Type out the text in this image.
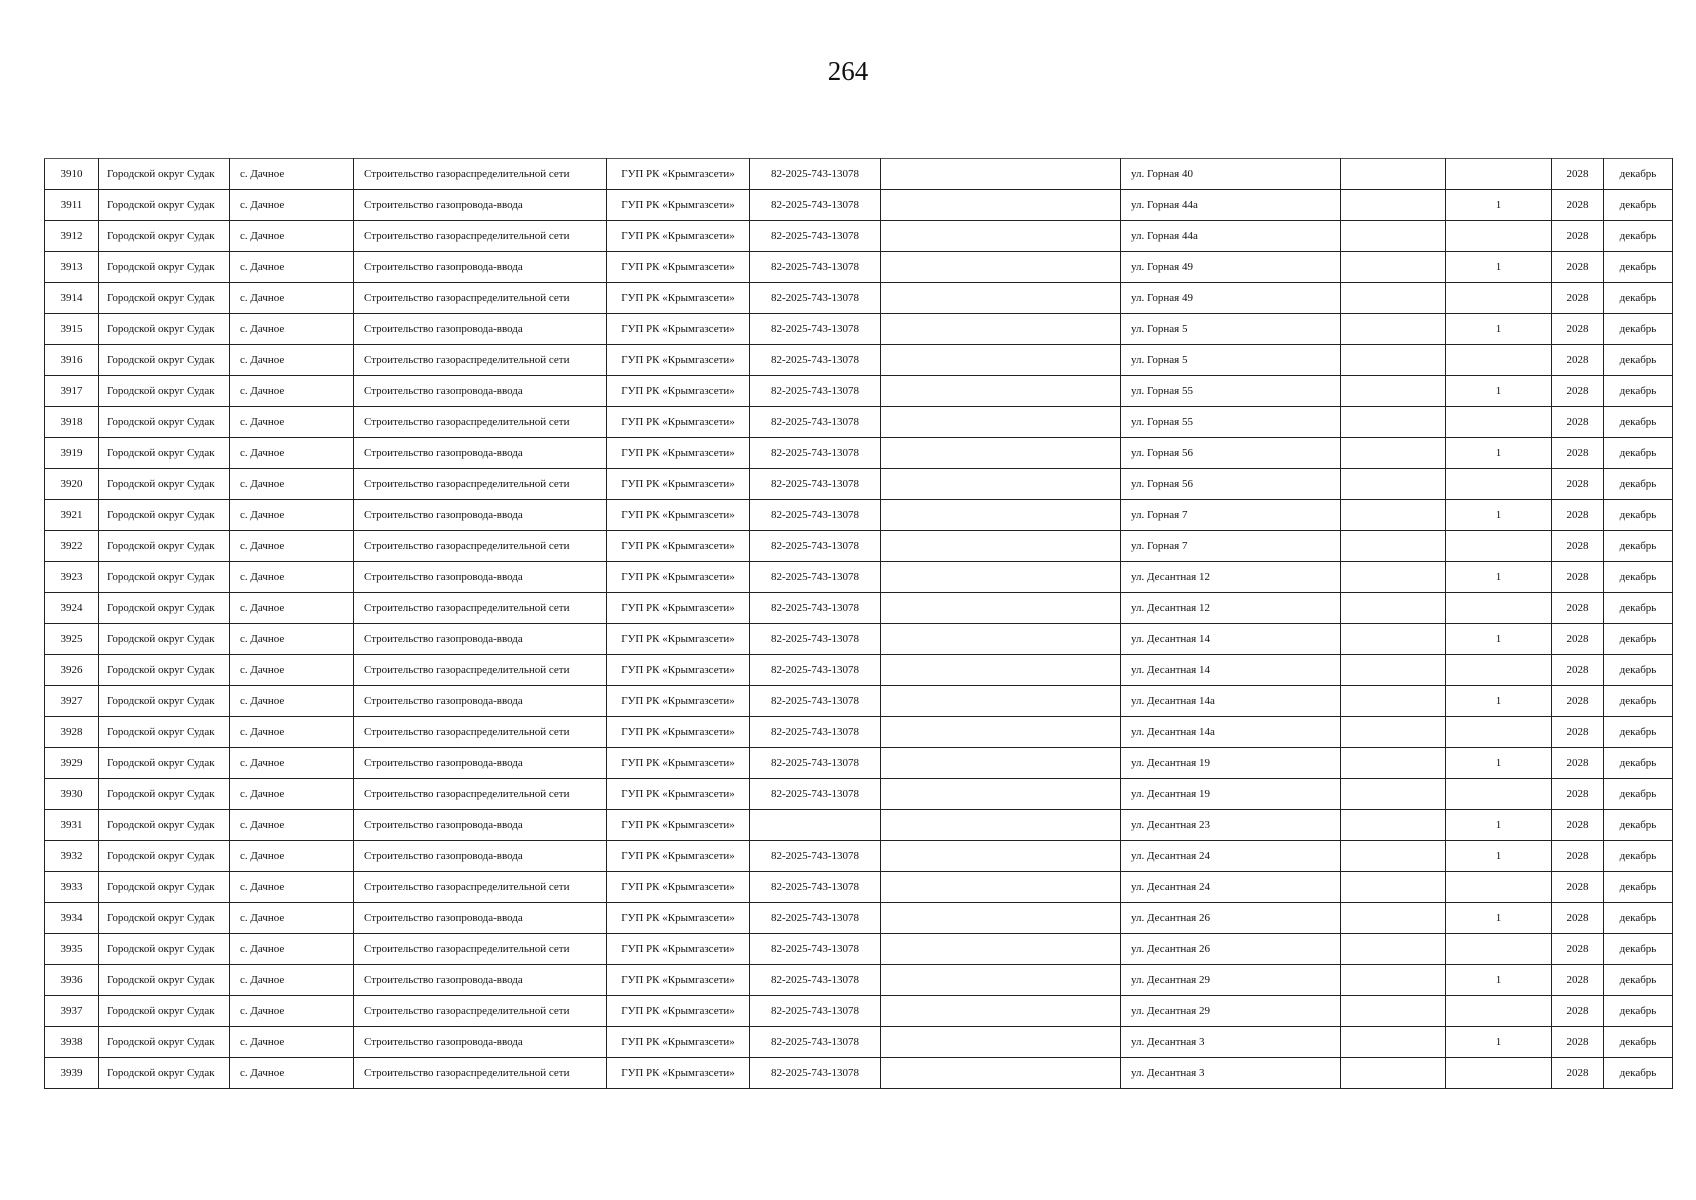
264
3910	Городской округ Судак	с. Дачное	Строительство газораспределительной сети	ГУП РК «Крымгазсети»	82-2025-743-13078		ул. Горная 40			2028	декабрь
3911	Городской округ Судак	с. Дачное	Строительство газопровода-ввода	ГУП РК «Крымгазсети»	82-2025-743-13078		ул. Горная 44а		1	2028	декабрь
3912	Городской округ Судак	с. Дачное	Строительство газораспределительной сети	ГУП РК «Крымгазсети»	82-2025-743-13078		ул. Горная 44а			2028	декабрь
3913	Городской округ Судак	с. Дачное	Строительство газопровода-ввода	ГУП РК «Крымгазсети»	82-2025-743-13078		ул. Горная 49		1	2028	декабрь
3914	Городской округ Судак	с. Дачное	Строительство газораспределительной сети	ГУП РК «Крымгазсети»	82-2025-743-13078		ул. Горная 49			2028	декабрь
3915	Городской округ Судак	с. Дачное	Строительство газопровода-ввода	ГУП РК «Крымгазсети»	82-2025-743-13078		ул. Горная 5		1	2028	декабрь
3916	Городской округ Судак	с. Дачное	Строительство газораспределительной сети	ГУП РК «Крымгазсети»	82-2025-743-13078		ул. Горная 5			2028	декабрь
3917	Городской округ Судак	с. Дачное	Строительство газопровода-ввода	ГУП РК «Крымгазсети»	82-2025-743-13078		ул. Горная 55		1	2028	декабрь
3918	Городской округ Судак	с. Дачное	Строительство газораспределительной сети	ГУП РК «Крымгазсети»	82-2025-743-13078		ул. Горная 55			2028	декабрь
3919	Городской округ Судак	с. Дачное	Строительство газопровода-ввода	ГУП РК «Крымгазсети»	82-2025-743-13078		ул. Горная 56		1	2028	декабрь
3920	Городской округ Судак	с. Дачное	Строительство газораспределительной сети	ГУП РК «Крымгазсети»	82-2025-743-13078		ул. Горная 56			2028	декабрь
3921	Городской округ Судак	с. Дачное	Строительство газопровода-ввода	ГУП РК «Крымгазсети»	82-2025-743-13078		ул. Горная 7		1	2028	декабрь
3922	Городской округ Судак	с. Дачное	Строительство газораспределительной сети	ГУП РК «Крымгазсети»	82-2025-743-13078		ул. Горная 7			2028	декабрь
3923	Городской округ Судак	с. Дачное	Строительство газопровода-ввода	ГУП РК «Крымгазсети»	82-2025-743-13078		ул. Десантная 12		1	2028	декабрь
3924	Городской округ Судак	с. Дачное	Строительство газораспределительной сети	ГУП РК «Крымгазсети»	82-2025-743-13078		ул. Десантная 12			2028	декабрь
3925	Городской округ Судак	с. Дачное	Строительство газопровода-ввода	ГУП РК «Крымгазсети»	82-2025-743-13078		ул. Десантная 14		1	2028	декабрь
3926	Городской округ Судак	с. Дачное	Строительство газораспределительной сети	ГУП РК «Крымгазсети»	82-2025-743-13078		ул. Десантная 14			2028	декабрь
3927	Городской округ Судак	с. Дачное	Строительство газопровода-ввода	ГУП РК «Крымгазсети»	82-2025-743-13078		ул. Десантная 14а		1	2028	декабрь
3928	Городской округ Судак	с. Дачное	Строительство газораспределительной сети	ГУП РК «Крымгазсети»	82-2025-743-13078		ул. Десантная 14а			2028	декабрь
3929	Городской округ Судак	с. Дачное	Строительство газопровода-ввода	ГУП РК «Крымгазсети»	82-2025-743-13078		ул. Десантная 19		1	2028	декабрь
3930	Городской округ Судак	с. Дачное	Строительство газораспределительной сети	ГУП РК «Крымгазсети»	82-2025-743-13078		ул. Десантная 19			2028	декабрь
3931	Городской округ Судак	с. Дачное	Строительство газопровода-ввода	ГУП РК «Крымгазсети»			ул. Десантная 23		1	2028	декабрь
3932	Городской округ Судак	с. Дачное	Строительство газопровода-ввода	ГУП РК «Крымгазсети»	82-2025-743-13078		ул. Десантная 24		1	2028	декабрь
3933	Городской округ Судак	с. Дачное	Строительство газораспределительной сети	ГУП РК «Крымгазсети»	82-2025-743-13078		ул. Десантная 24			2028	декабрь
3934	Городской округ Судак	с. Дачное	Строительство газопровода-ввода	ГУП РК «Крымгазсети»	82-2025-743-13078		ул. Десантная 26		1	2028	декабрь
3935	Городской округ Судак	с. Дачное	Строительство газораспределительной сети	ГУП РК «Крымгазсети»	82-2025-743-13078		ул. Десантная 26			2028	декабрь
3936	Городской округ Судак	с. Дачное	Строительство газопровода-ввода	ГУП РК «Крымгазсети»	82-2025-743-13078		ул. Десантная 29		1	2028	декабрь
3937	Городской округ Судак	с. Дачное	Строительство газораспределительной сети	ГУП РК «Крымгазсети»	82-2025-743-13078		ул. Десантная 29			2028	декабрь
3938	Городской округ Судак	с. Дачное	Строительство газопровода-ввода	ГУП РК «Крымгазсети»	82-2025-743-13078		ул. Десантная 3		1	2028	декабрь
3939	Городской округ Судак	с. Дачное	Строительство газораспределительной сети	ГУП РК «Крымгазсети»	82-2025-743-13078		ул. Десантная 3			2028	декабрь
